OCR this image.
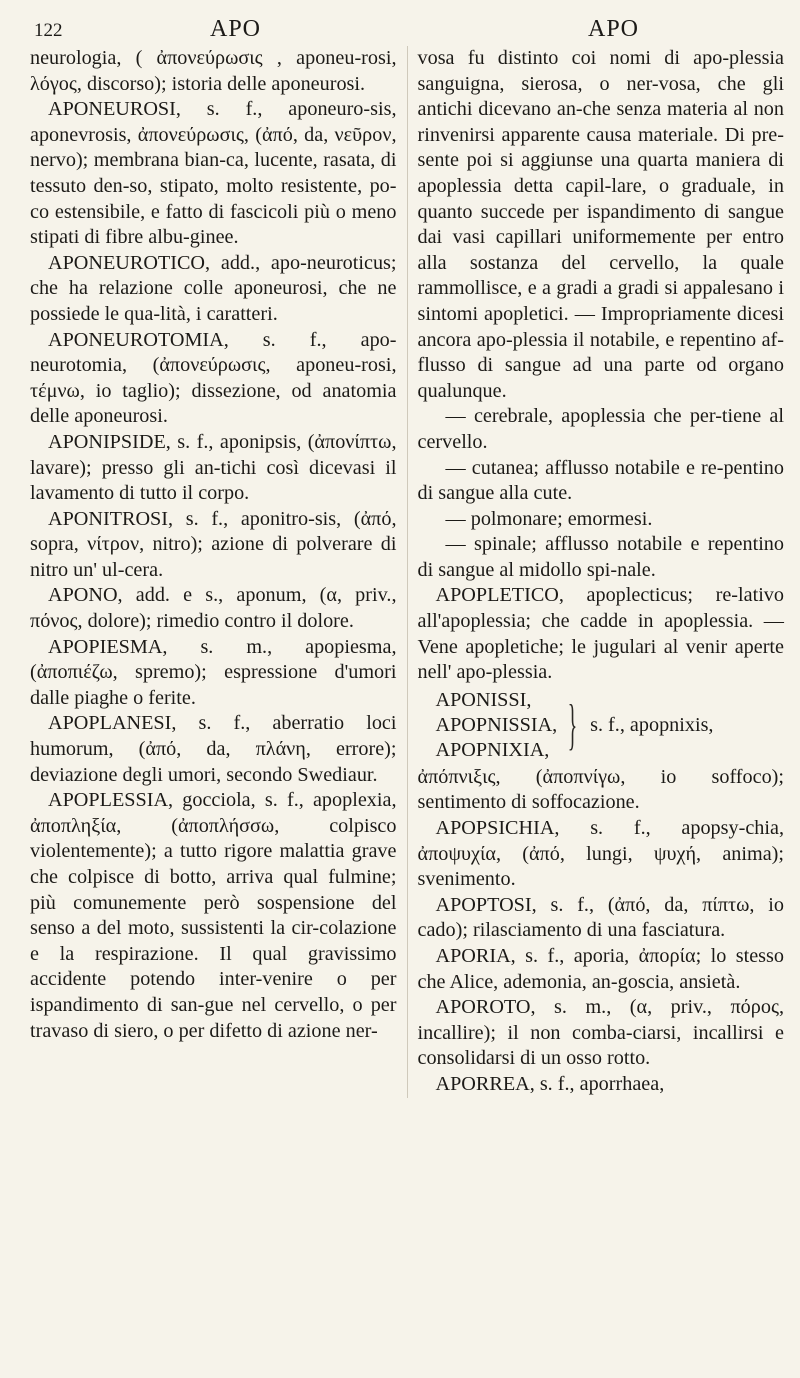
122	APO	APO

neurologia, ( ἀπονεύρωσις , aponeu-rosi, λόγος, discorso); istoria delle aponeurosi.

APONEUROSI, s. f., aponeuro-sis, aponevrosis, ἀπονεύρωσις, (ἀπό, da, νεῦρον, nervo); membrana bian-ca, lucente, rasata, di tessuto den-so, stipato, molto resistente, po-co estensibile, e fatto di fascicoli più o meno stipati di fibre albu-ginee.

APONEUROTICO, add., apo-neuroticus; che ha relazione colle aponeurosi, che ne possiede le qua-lità, i caratteri.

APONEUROTOMIA, s. f., apo-neurotomia, (ἀπονεύρωσις, aponeu-rosi, τέμνω, io taglio); dissezione, od anatomia delle aponeurosi.

APONIPSIDE, s. f., aponipsis, (ἀπονίπτω, lavare); presso gli an-tichi così dicevasi il lavamento di tutto il corpo.

APONITROSI, s. f., aponitro-sis, (ἀπό, sopra, νίτρον, nitro); azione di polverare di nitro un' ul-cera.

APONO, add. e s., aponum, (α, priv., πόνος, dolore); rimedio contro il dolore.

APOPIESMA, s. m., apopiesma, (ἀποπιέζω, spremo); espressione d'umori dalle piaghe o ferite.

APOPLANESI, s. f., aberratio loci humorum, (ἀπό, da, πλάνη, errore); deviazione degli umori, secondo Swediaur.

APOPLESSIA, gocciola, s. f., apoplexia, ἀποπληξία, (ἀποπλήσσω, colpisco violentemente); a tutto rigore malattia grave che colpisce di botto, arriva qual fulmine; più comunemente però sospensione del senso a del moto, sussistenti la cir-colazione e la respirazione. Il qual gravissimo accidente potendo inter-venire o per ispandimento di san-gue nel cervello, o per travaso di siero, o per difetto di azione ner-

vosa fu distinto coi nomi di apo-plessia sanguigna, sierosa, o ner-vosa, che gli antichi dicevano an-che senza materia al non rinvenirsi apparente causa materiale. Di pre-sente poi si aggiunse una quarta maniera di apoplessia detta capil-lare, o graduale, in quanto succede per ispandimento di sangue dai vasi capillari uniformemente per entro alla sostanza del cervello, la quale rammollisce, e a gradi a gradi si appalesano i sintomi apopletici. — Impropriamente dicesi ancora apo-plessia il notabile, e repentino af-flusso di sangue ad una parte od organo qualunque.

— cerebrale, apoplessia che per-tiene al cervello.

— cutanea; afflusso notabile e re-pentino di sangue alla cute.

— polmonare; emormesi.

— spinale; afflusso notabile e repentino di sangue al midollo spi-nale.

APOPLETICO, apoplecticus; re-lativo all'apoplessia; che cadde in apoplessia. — Vene apopletiche; le jugulari al venir aperte nell' apo-plessia.

APONISSI,
APOPNISSIA,
APOPNIXIA, } s. f., apopnixis,

ἀπόπνιξις, (ἀποπνίγω, io soffoco); sentimento di soffocazione.

APOPSICHIA, s. f., apopsy-chia, ἀποψυχία, (ἀπό, lungi, ψυχή, anima); svenimento.

APOPTOSI, s. f., (ἀπό, da, πίπτω, io cado); rilasciamento di una fasciatura.

APORIA, s. f., aporia, ἀπορία; lo stesso che Alice, ademonia, an-goscia, ansietà.

APOROTO, s. m., (α, priv., πόρος, incallire); il non comba-ciarsi, incallirsi e consolidarsi di un osso rotto.

APORREA, s. f., aporrhaea,
